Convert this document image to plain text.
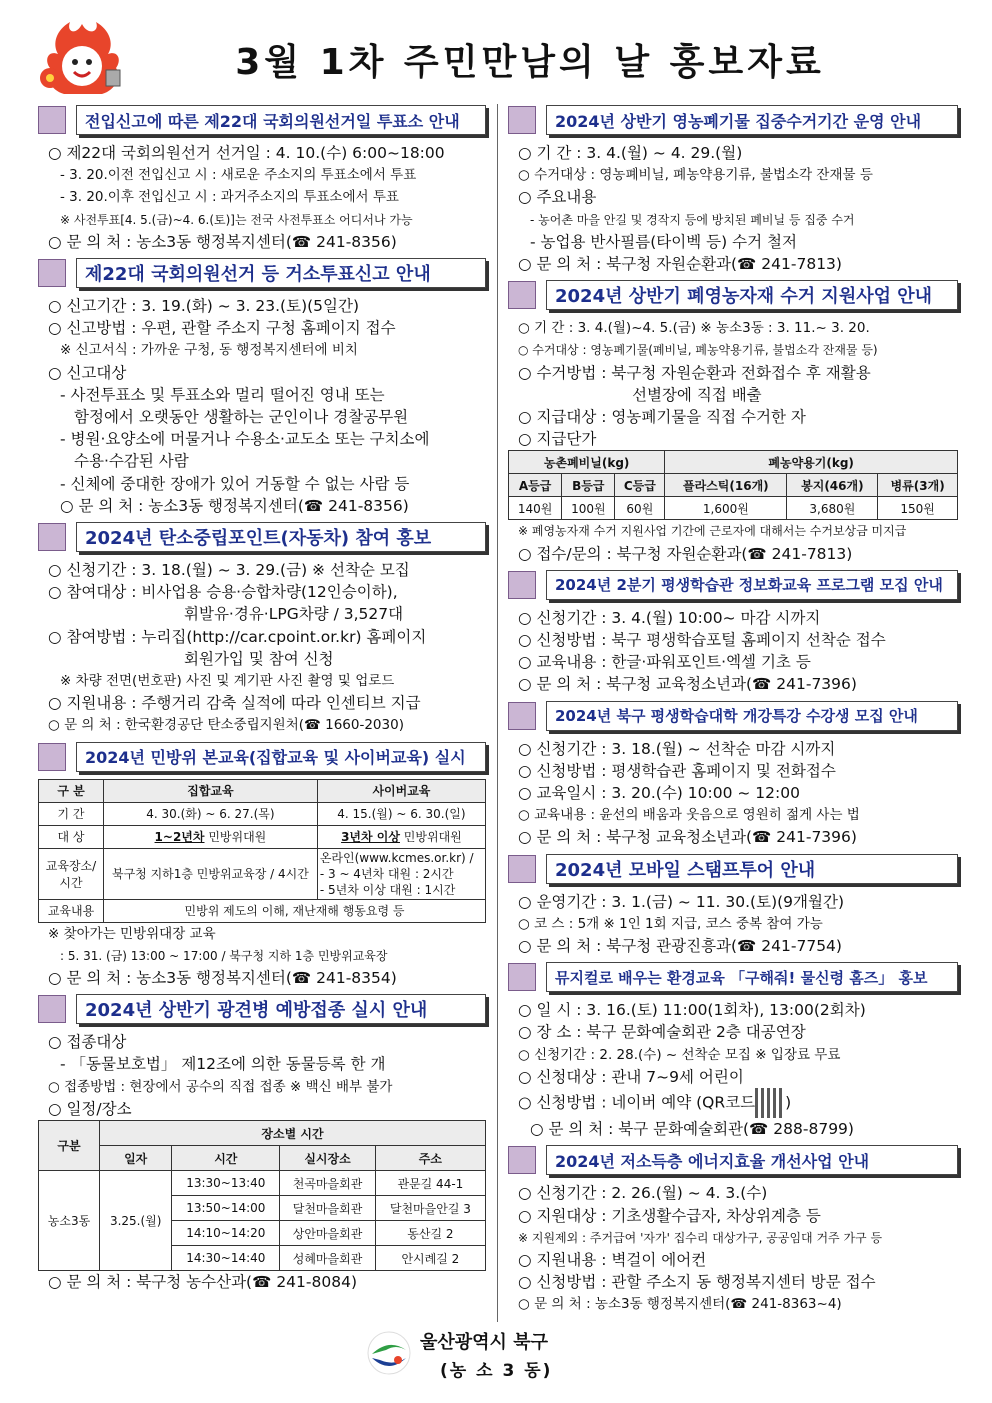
3월 1차 주민만남의 날 홍보자료
전입신고에 따른 제22대 국회의원선거일 투표소 안내
○ 제22대 국회의원선거 선거일 : 4. 10.(수) 6:00~18:00
- 3. 20.이전 전입신고 시 : 새로운 주소지의 투표소에서 투표
- 3. 20.이후 전입신고 시 : 과거주소지의 투표소에서 투표
※ 사전투표[4. 5.(금)~4. 6.(토)]는 전국 사전투표소 어디서나 가능
○ 문 의 처 : 농소3동 행정복지센터(☎ 241-8356)
제22대 국회의원선거 등 거소투표신고 안내
○ 신고기간 : 3. 19.(화) ~ 3. 23.(토)(5일간)
○ 신고방법 : 우편, 관할 주소지 구청 홈페이지 접수
※ 신고서식 : 가까운 구청, 동 행정복지센터에 비치
○ 신고대상
- 사전투표소 및 투표소와 멀리 떨어진 영내 또는
함정에서 오랫동안 생활하는 군인이나 경찰공무원
- 병원·요양소에 머물거나 수용소·교도소 또는 구치소에
수용·수감된 사람
- 신체에 중대한 장애가 있어 거동할 수 없는 사람 등
○ 문 의 처 : 농소3동 행정복지센터(☎ 241-8356)
2024년 탄소중립포인트(자동차) 참여 홍보
○ 신청기간 : 3. 18.(월) ~ 3. 29.(금) ※ 선착순 모집
○ 참여대상 : 비사업용 승용·승합차량(12인승이하),
휘발유·경유·LPG차량 / 3,527대
○ 참여방법 : 누리집(http://car.cpoint.or.kr) 홈페이지
회원가입 및 참여 신청
※ 차량 전면(번호판) 사진 및 계기판 사진 촬영 및 업로드
○ 지원내용 : 주행거리 감축 실적에 따라 인센티브 지급
○ 문 의 처 : 한국환경공단 탄소중립지원처(☎ 1660-2030)
2024년 민방위 본교육(집합교육 및 사이버교육) 실시
구 분	집합교육	사이버교육
기 간	4. 30.(화) ~ 6. 27.(목)	4. 15.(월) ~ 6. 30.(일)
대 상	1~2년차 민방위대원	3년차 이상 민방위대원
교육장소/시간	북구청 지하1층 민방위교육장 / 4시간	온라인(www.kcmes.or.kr) /
- 3 ~ 4년차 대원 : 2시간
- 5년차 이상 대원 : 1시간

교육내용	민방위 제도의 이해, 재난재해 행동요령 등	
※ 찾아가는 민방위대장 교육
: 5. 31. (금) 13:00 ~ 17:00 / 북구청 지하 1층 민방위교육장
○ 문 의 처 : 농소3동 행정복지센터(☎ 241-8354)
2024년 상반기 광견병 예방접종 실시 안내
○ 접종대상
- 「동물보호법」 제12조에 의한 동물등록 한 개
○ 접종방법 : 현장에서 공수의 직접 접종 ※ 백신 배부 불가
○ 일정/장소
구분	장소별 시간			
	일자	시간	실시장소	주소
농소3동	3.25.(월)	13:30~13:40	천곡마을회관	관문길 44-1
		13:50~14:00	달천마을회관	달천마을안길 3
		14:10~14:20	상안마을회관	동산길 2
		14:30~14:40	성혜마을회관	안시례길 2
○ 문 의 처 : 북구청 농수산과(☎ 241-8084)
2024년 상반기 영농폐기물 집중수거기간 운영 안내
○ 기 간 : 3. 4.(월) ~ 4. 29.(월)
○ 수거대상 : 영농폐비닐, 폐농약용기류, 불법소각 잔재물 등
○ 주요내용
- 농어촌 마을 안길 및 경작지 등에 방치된 폐비닐 등 집중 수거
- 농업용 반사필름(타이벡 등) 수거 철저
○ 문 의 처 : 북구청 자원순환과(☎ 241-7813)
2024년 상반기 폐영농자재 수거 지원사업 안내
○ 기 간 : 3. 4.(월)~4. 5.(금) ※ 농소3동 : 3. 11.~ 3. 20.
○ 수거대상 : 영농폐기물(폐비닐, 폐농약용기류, 불법소각 잔재물 등)
○ 수거방법 : 북구청 자원순환과 전화접수 후 재활용
선별장에 직접 배출
○ 지급대상 : 영농폐기물을 직접 수거한 자
○ 지급단가
농촌폐비닐(kg)			폐농약용기(kg)		
A등급	B등급	C등급	플라스틱(16개)	봉지(46개)	병류(3개)
140원	100원	60원	1,600원	3,680원	150원
※ 폐영농자재 수거 지원사업 기간에 근로자에 대해서는 수거보상금 미지급
○ 접수/문의 : 북구청 자원순환과(☎ 241-7813)
2024년 2분기 평생학습관 정보화교육 프로그램 모집 안내
○ 신청기간 : 3. 4.(월) 10:00~ 마감 시까지
○ 신청방법 : 북구 평생학습포털 홈페이지 선착순 접수
○ 교육내용 : 한글·파워포인트·엑셀 기초 등
○ 문 의 처 : 북구청 교육청소년과(☎ 241-7396)
2024년 북구 평생학습대학 개강특강 수강생 모집 안내
○ 신청기간 : 3. 18.(월) ~ 선착순 마감 시까지
○ 신청방법 : 평생학습관 홈페이지 및 전화접수
○ 교육일시 : 3. 20.(수) 10:00 ~ 12:00
○ 교육내용 : 윤선의 배움과 웃음으로 영원히 젊게 사는 법
○ 문 의 처 : 북구청 교육청소년과(☎ 241-7396)
2024년 모바일 스탬프투어 안내
○ 운영기간 : 3. 1.(금) ~ 11. 30.(토)(9개월간)
○ 코 스 : 5개 ※ 1인 1회 지급, 코스 중복 참여 가능
○ 문 의 처 : 북구청 관광진흥과(☎ 241-7754)
뮤지컬로 배우는 환경교육 「구해줘! 물신령 홈즈」 홍보
○ 일 시 : 3. 16.(토) 11:00(1회차), 13:00(2회차)
○ 장 소 : 북구 문화예술회관 2층 대공연장
○ 신청기간 : 2. 28.(수) ~ 선착순 모집 ※ 입장료 무료
○ 신청대상 : 관내 7~9세 어린이
○ 신청방법 : 네이버 예약 (QR코드 )
○ 문 의 처 : 북구 문화예술회관(☎ 288-8799)
2024년 저소득층 에너지효율 개선사업 안내
○ 신청기간 : 2. 26.(월) ~ 4. 3.(수)
○ 지원대상 : 기초생활수급자, 차상위계층 등
※ 지원제외 : 주거급여 '자가' 집수리 대상가구, 공공임대 거주 가구 등
○ 지원내용 : 벽걸이 에어컨
○ 신청방법 : 관할 주소지 동 행정복지센터 방문 접수
○ 문 의 처 : 농소3동 행정복지센터(☎ 241-8363~4)
울산광역시 북구
(농 소 3 동)
